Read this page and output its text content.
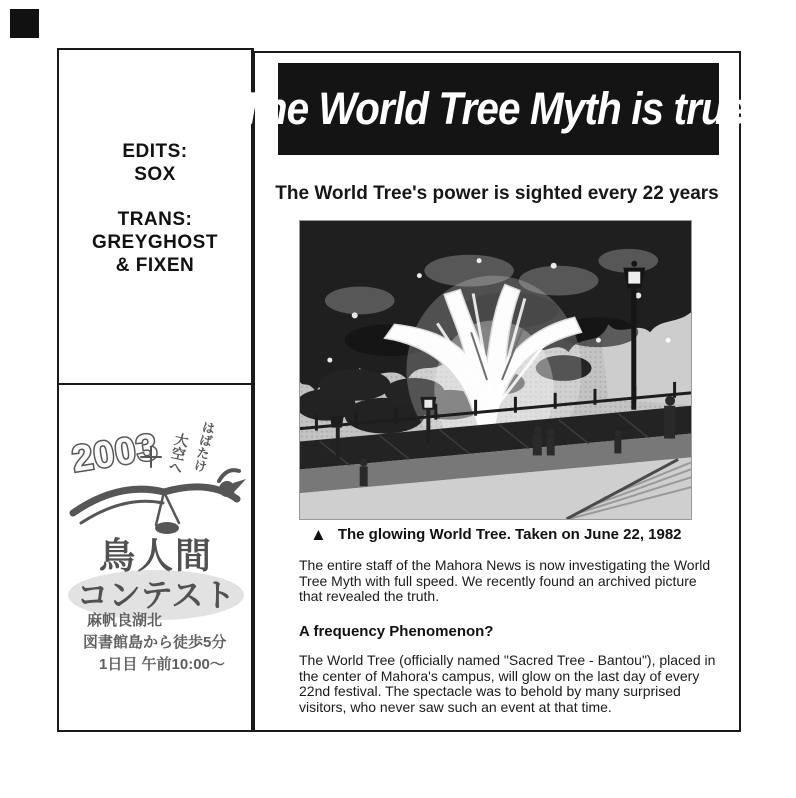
EDITS:
SOX
TRANS:
GREYGHOST
& FIXEN
2003 はばたけ
大空へ
鳥人間
コンテスト
麻帆良湖北
図書館島から徒歩5分
1日目 午前10:00～
The World Tree Myth is true!
The World Tree's power is sighted every 22 years
▲ The glowing World Tree. Taken on June 22, 1982
The entire staff of the Mahora News is now investigating the World Tree Myth with full speed. We recently found an archived picture that revealed the truth.
A frequency Phenomenon?
The World Tree (officially named "Sacred Tree - Bantou"), placed in the center of Mahora's campus, will glow on the last day of every 22nd festival. The spectacle was to behold by many surprised visitors, who never saw such an event at that time.
